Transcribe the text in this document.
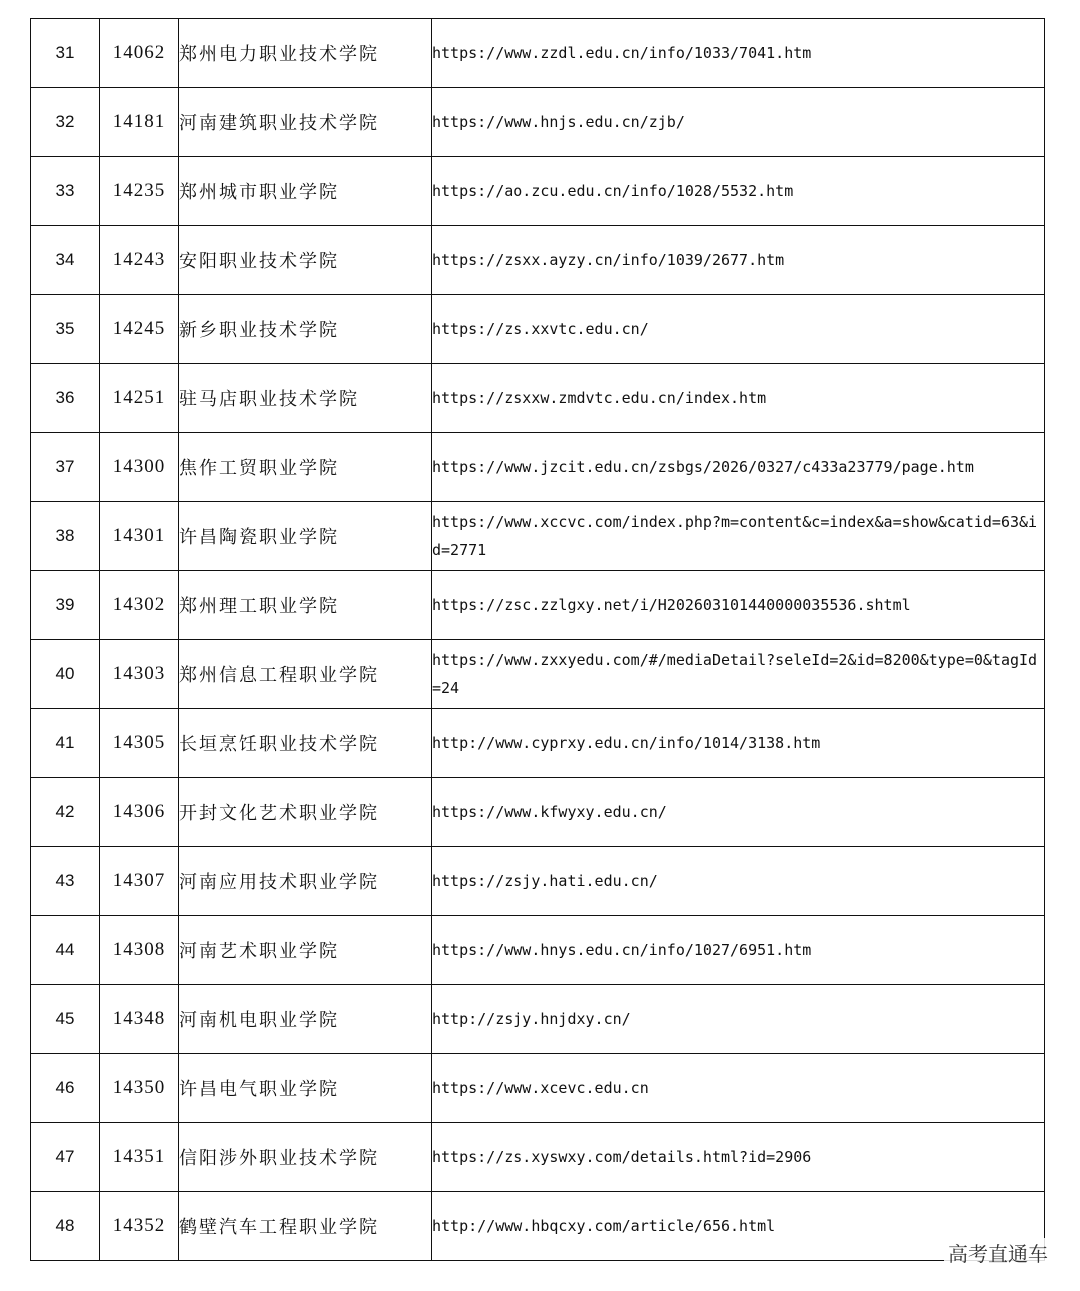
31	14062	郑州电力职业技术学院	https://www.zzdl.edu.cn/info/1033/7041.htm
32	14181	河南建筑职业技术学院	https://www.hnjs.edu.cn/zjb/
33	14235	郑州城市职业学院	https://ao.zcu.edu.cn/info/1028/5532.htm
34	14243	安阳职业技术学院	https://zsxx.ayzy.cn/info/1039/2677.htm
35	14245	新乡职业技术学院	https://zs.xxvtc.edu.cn/
36	14251	驻马店职业技术学院	https://zsxxw.zmdvtc.edu.cn/index.htm
37	14300	焦作工贸职业学院	https://www.jzcit.edu.cn/zsbgs/2026/0327/c433a23779/page.htm
38	14301	许昌陶瓷职业学院	https://www.xccvc.com/index.php?m=content&c=index&a=show&catid=63&id=2771
39	14302	郑州理工职业学院	https://zsc.zzlgxy.net/i/H202603101440000035536.shtml
40	14303	郑州信息工程职业学院	https://www.zxxyedu.com/#/mediaDetail?seleId=2&id=8200&type=0&tagId=24
41	14305	长垣烹饪职业技术学院	http://www.cyprxy.edu.cn/info/1014/3138.htm
42	14306	开封文化艺术职业学院	https://www.kfwyxy.edu.cn/
43	14307	河南应用技术职业学院	https://zsjy.hati.edu.cn/
44	14308	河南艺术职业学院	https://www.hnys.edu.cn/info/1027/6951.htm
45	14348	河南机电职业学院	http://zsjy.hnjdxy.cn/
46	14350	许昌电气职业学院	https://www.xcevc.edu.cn
47	14351	信阳涉外职业技术学院	https://zs.xyswxy.com/details.html?id=2906
48	14352	鹤壁汽车工程职业学院	http://www.hbqcxy.com/article/656.html
高考直通车
